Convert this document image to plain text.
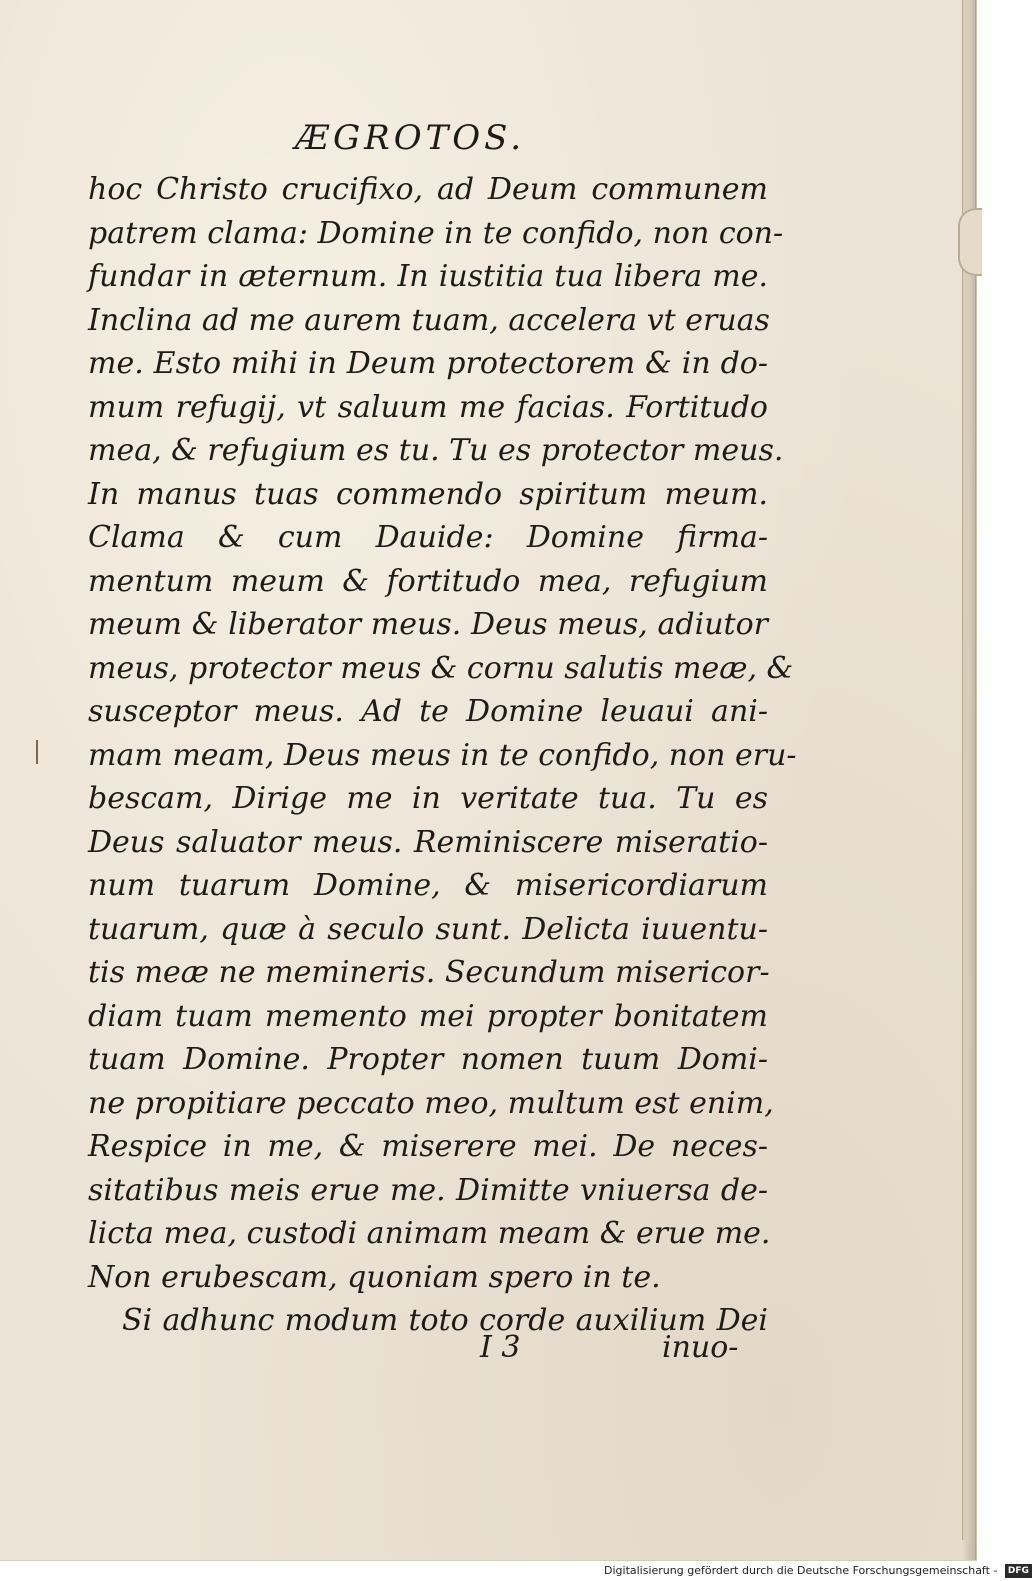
ÆGROTOS.
hoc Christo crucifixo, ad Deum communem
patrem clama: Domine in te confido, non con-
fundar in æternum. In iustitia tua libera me.
Inclina ad me aurem tuam, accelera vt eruas
me. Esto mihi in Deum protectorem & in do-
mum refugij, vt saluum me facias. Fortitudo
mea, & refugium es tu. Tu es protector meus.
In manus tuas commendo spiritum meum.
Clama & cum Dauide: Domine firma-
mentum meum & fortitudo mea, refugium
meum & liberator meus. Deus meus, adiutor
meus, protector meus & cornu salutis meæ, &
susceptor meus. Ad te Domine leuaui ani-
mam meam, Deus meus in te confido, non eru-
bescam, Dirige me in veritate tua. Tu es
Deus saluator meus. Reminiscere miseratio-
num tuarum Domine, & misericordiarum
tuarum, quæ à seculo sunt. Delicta iuuentu-
tis meæ ne memineris. Secundum misericor-
diam tuam memento mei propter bonitatem
tuam Domine. Propter nomen tuum Domi-
ne propitiare peccato meo, multum est enim,
Respice in me, & miserere mei. De neces-
sitatibus meis erue me. Dimitte vniuersa de-
licta mea, custodi animam meam & erue me.
Non erubescam, quoniam spero in te.
Si adhunc modum toto corde auxilium Dei
I 3	inuo-
Digitalisierung gefördert durch die Deutsche Forschungsgemeinschaft - DFG
